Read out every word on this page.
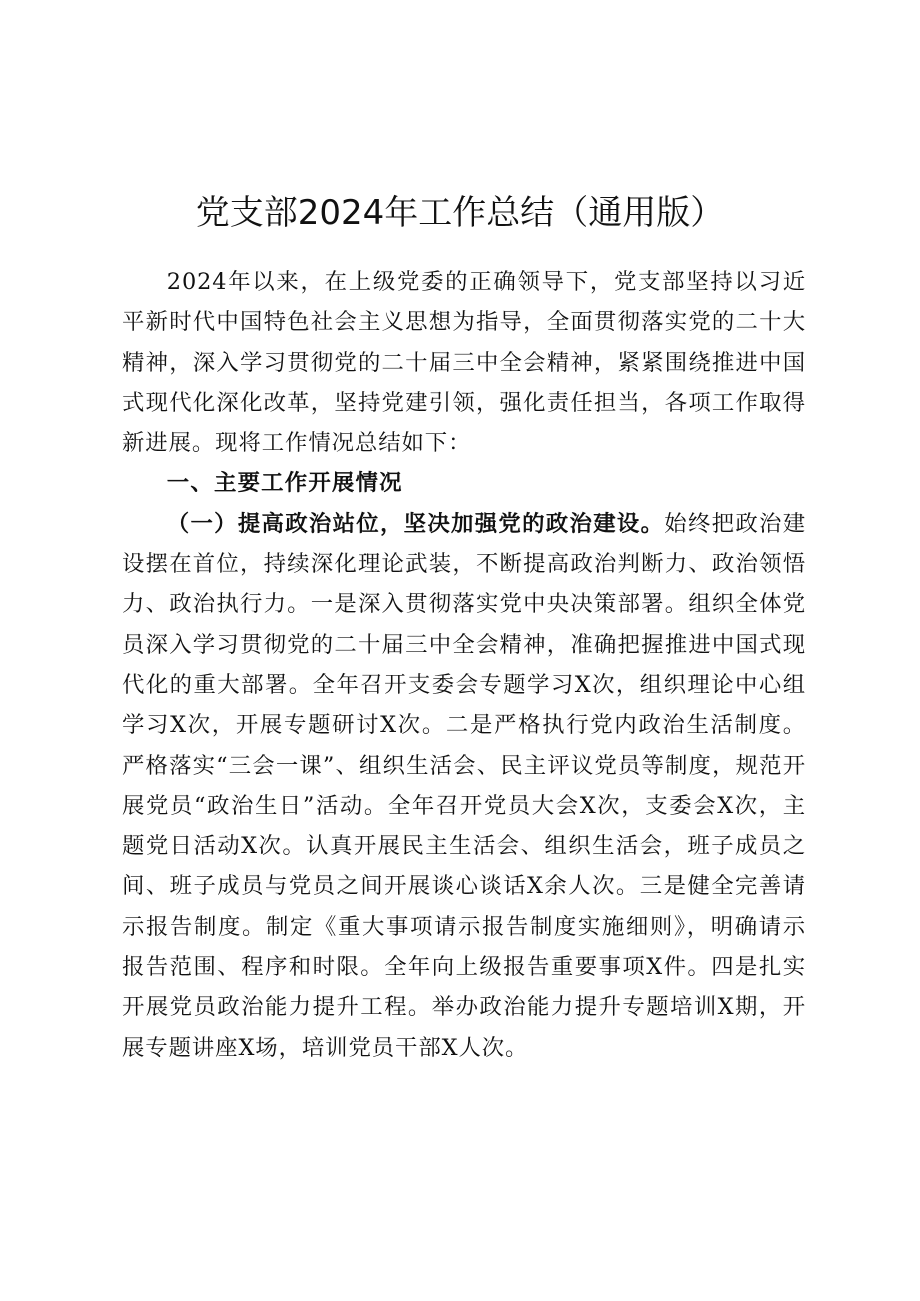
党支部2024年工作总结（通用版）

2024年以来，在上级党委的正确领导下，党支部坚持以习近平新时代中国特色社会主义思想为指导，全面贯彻落实党的二十大精神，深入学习贯彻党的二十届三中全会精神，紧紧围绕推进中国式现代化深化改革，坚持党建引领，强化责任担当，各项工作取得新进展。现将工作情况总结如下：

一、主要工作开展情况

（一）提高政治站位，坚决加强党的政治建设。始终把政治建设摆在首位，持续深化理论武装，不断提高政治判断力、政治领悟力、政治执行力。一是深入贯彻落实党中央决策部署。组织全体党员深入学习贯彻党的二十届三中全会精神，准确把握推进中国式现代化的重大部署。全年召开支委会专题学习X次，组织理论中心组学习X次，开展专题研讨X次。二是严格执行党内政治生活制度。严格落实“三会一课”、组织生活会、民主评议党员等制度，规范开展党员“政治生日”活动。全年召开党员大会X次，支委会X次，主题党日活动X次。认真开展民主生活会、组织生活会，班子成员之间、班子成员与党员之间开展谈心谈话X余人次。三是健全完善请示报告制度。制定《重大事项请示报告制度实施细则》，明确请示报告范围、程序和时限。全年向上级报告重要事项X件。四是扎实开展党员政治能力提升工程。举办政治能力提升专题培训X期，开展专题讲座X场，培训党员干部X人次。
